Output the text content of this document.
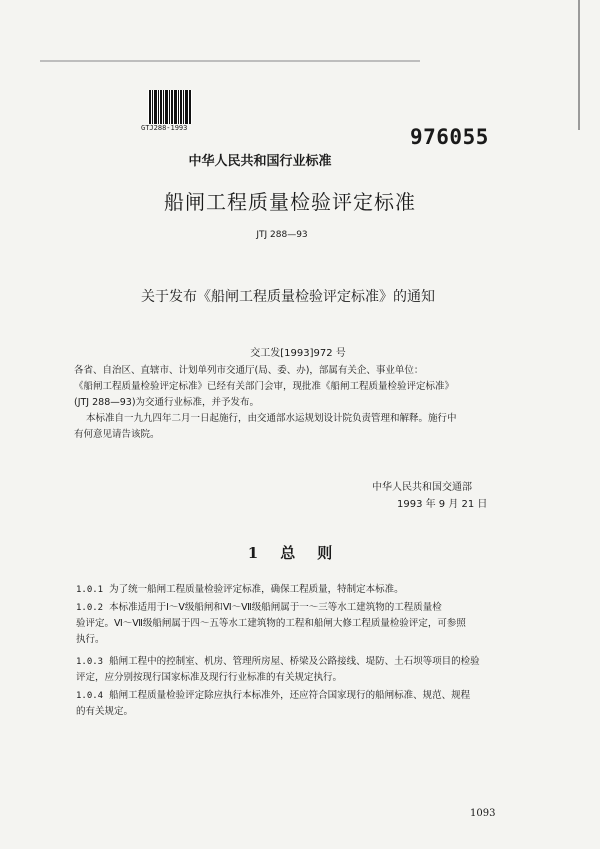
GTJ288-1993	976055
中华人民共和国行业标准
船闸工程质量检验评定标准
JTJ 288—93
关于发布《船闸工程质量检验评定标准》的通知
交工发[1993]972 号
各省、自治区、直辖市、计划单列市交通厅(局、委、办)，部属有关企、事业单位：
《船闸工程质量检验评定标准》已经有关部门会审，现批准《船闸工程质量检验评定标准》
(JTJ 288—93)为交通行业标准，并予发布。
本标准自一九九四年二月一日起施行，由交通部水运规划设计院负责管理和解释。施行中
有何意见请告该院。
中华人民共和国交通部
1993 年 9 月 21 日
1 总 则
1.0.1 为了统一船闸工程质量检验评定标准，确保工程质量，特制定本标准。
1.0.2 本标准适用于Ⅰ～Ⅴ级船闸和Ⅵ～Ⅶ级船闸属于一～三等水工建筑物的工程质量检
验评定。Ⅵ～Ⅶ级船闸属于四～五等水工建筑物的工程和船闸大修工程质量检验评定，可参照
执行。
1.0.3 船闸工程中的控制室、机房、管理所房屋、桥梁及公路接线、堤防、土石坝等项目的检验
评定，应分别按现行国家标准及现行行业标准的有关规定执行。
1.0.4 船闸工程质量检验评定除应执行本标准外，还应符合国家现行的船闸标准、规范、规程
的有关规定。
1093
